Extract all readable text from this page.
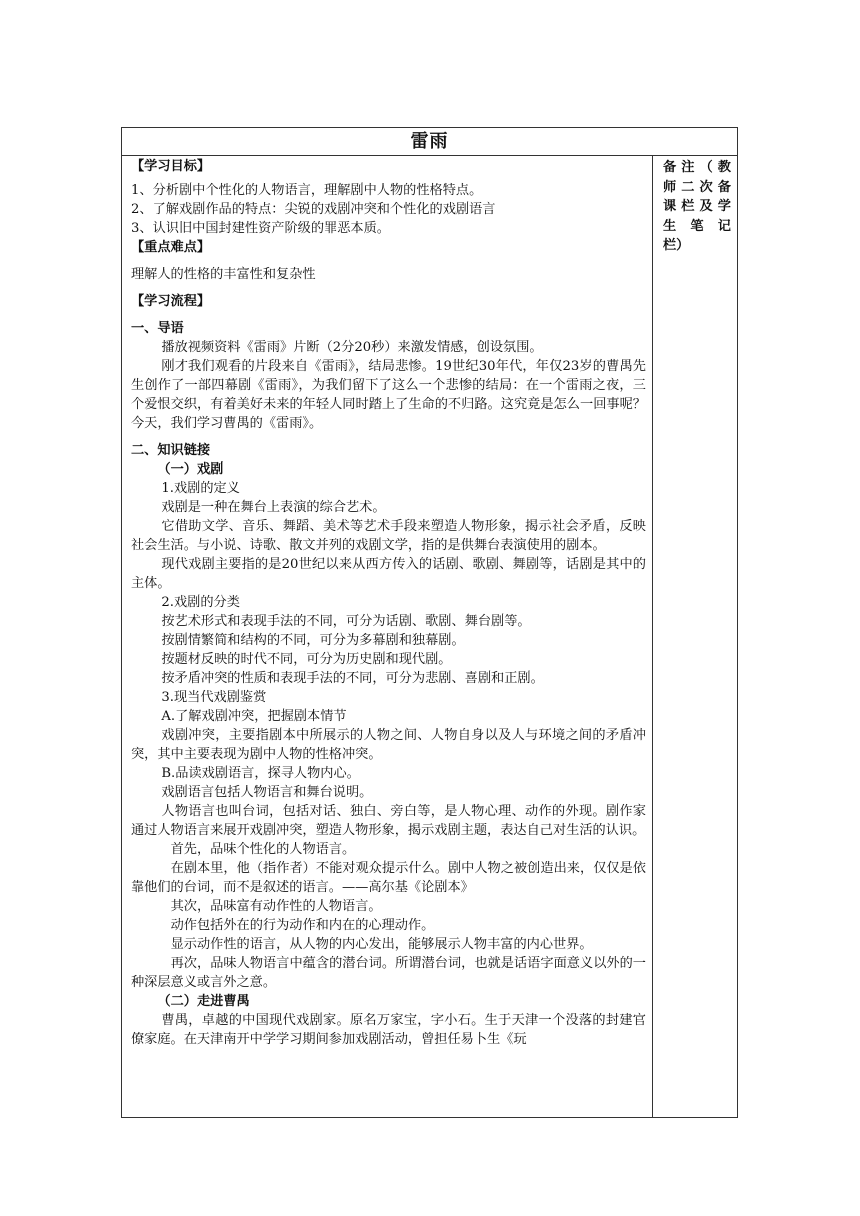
雷雨

【学习目标】

1、分析剧中个性化的人物语言，理解剧中人物的性格特点。

2、了解戏剧作品的特点：尖锐的戏剧冲突和个性化的戏剧语言

3、认识旧中国封建性资产阶级的罪恶本质。

【重点难点】

理解人的性格的丰富性和复杂性

【学习流程】

一、导语

播放视频资料《雷雨》片断（2分20秒）来激发情感，创设氛围。

刚才我们观看的片段来自《雷雨》，结局悲惨。19世纪30年代，年仅23岁的曹禺先生创作了一部四幕剧《雷雨》，为我们留下了这么一个悲惨的结局：在一个雷雨之夜，三个爱恨交织，有着美好未来的年轻人同时踏上了生命的不归路。这究竟是怎么一回事呢？今天，我们学习曹禺的《雷雨》。

二、知识链接

（一）戏剧

1.戏剧的定义

戏剧是一种在舞台上表演的综合艺术。

它借助文学、音乐、舞蹈、美术等艺术手段来塑造人物形象，揭示社会矛盾，反映社会生活。与小说、诗歌、散文并列的戏剧文学，指的是供舞台表演使用的剧本。

现代戏剧主要指的是20世纪以来从西方传入的话剧、歌剧、舞剧等，话剧是其中的主体。

2.戏剧的分类

按艺术形式和表现手法的不同，可分为话剧、歌剧、舞台剧等。

按剧情繁简和结构的不同，可分为多幕剧和独幕剧。

按题材反映的时代不同，可分为历史剧和现代剧。

按矛盾冲突的性质和表现手法的不同，可分为悲剧、喜剧和正剧。

3.现当代戏剧鉴赏

A.了解戏剧冲突，把握剧本情节

戏剧冲突，主要指剧本中所展示的人物之间、人物自身以及人与环境之间的矛盾冲突，其中主要表现为剧中人物的性格冲突。

B.品读戏剧语言，探寻人物内心。

戏剧语言包括人物语言和舞台说明。

人物语言也叫台词，包括对话、独白、旁白等，是人物心理、动作的外现。剧作家通过人物语言来展开戏剧冲突，塑造人物形象，揭示戏剧主题，表达自己对生活的认识。

首先，品味个性化的人物语言。

在剧本里，他（指作者）不能对观众提示什么。剧中人物之被创造出来，仅仅是依靠他们的台词，而不是叙述的语言。——高尔基《论剧本》

其次，品味富有动作性的人物语言。

动作包括外在的行为动作和内在的心理动作。

显示动作性的语言，从人物的内心发出，能够展示人物丰富的内心世界。

再次，品味人物语言中蕴含的潜台词。所谓潜台词，也就是话语字面意义以外的一种深层意义或言外之意。

（二）走进曹禺

曹禺，卓越的中国现代戏剧家。原名万家宝，字小石。生于天津一个没落的封建官僚家庭。在天津南开中学学习期间参加戏剧活动，曾担任易卜生《玩

备注（教
师二次备
课栏及学
生 笔 记
栏）
